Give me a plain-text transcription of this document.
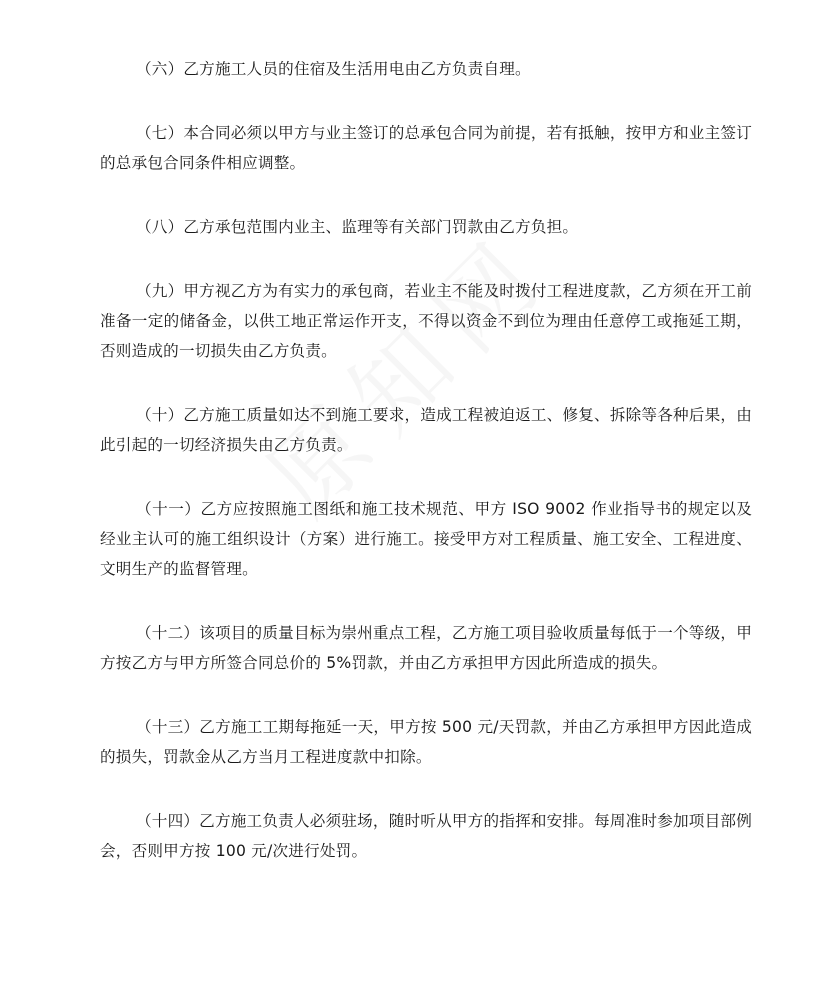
（六）乙方施工人员的住宿及生活用电由乙方负责自理。

（七）本合同必须以甲方与业主签订的总承包合同为前提，若有抵触，按甲方和业主签订的总承包合同条件相应调整。

（八）乙方承包范围内业主、监理等有关部门罚款由乙方负担。

（九）甲方视乙方为有实力的承包商，若业主不能及时拨付工程进度款，乙方须在开工前准备一定的储备金，以供工地正常运作开支，不得以资金不到位为理由任意停工或拖延工期，否则造成的一切损失由乙方负责。

（十）乙方施工质量如达不到施工要求，造成工程被迫返工、修复、拆除等各种后果，由此引起的一切经济损失由乙方负责。

（十一）乙方应按照施工图纸和施工技术规范、甲方 ISO 9002 作业指导书的规定以及经业主认可的施工组织设计（方案）进行施工。接受甲方对工程质量、施工安全、工程进度、文明生产的监督管理。

（十二）该项目的质量目标为崇州重点工程，乙方施工项目验收质量每低于一个等级，甲方按乙方与甲方所签合同总价的 5%罚款，并由乙方承担甲方因此所造成的损失。

（十三）乙方施工工期每拖延一天，甲方按 500 元/天罚款，并由乙方承担甲方因此造成的损失，罚款金从乙方当月工程进度款中扣除。

（十四）乙方施工负责人必须驻场，随时听从甲方的指挥和安排。每周准时参加项目部例会，否则甲方按 100 元/次进行处罚。
